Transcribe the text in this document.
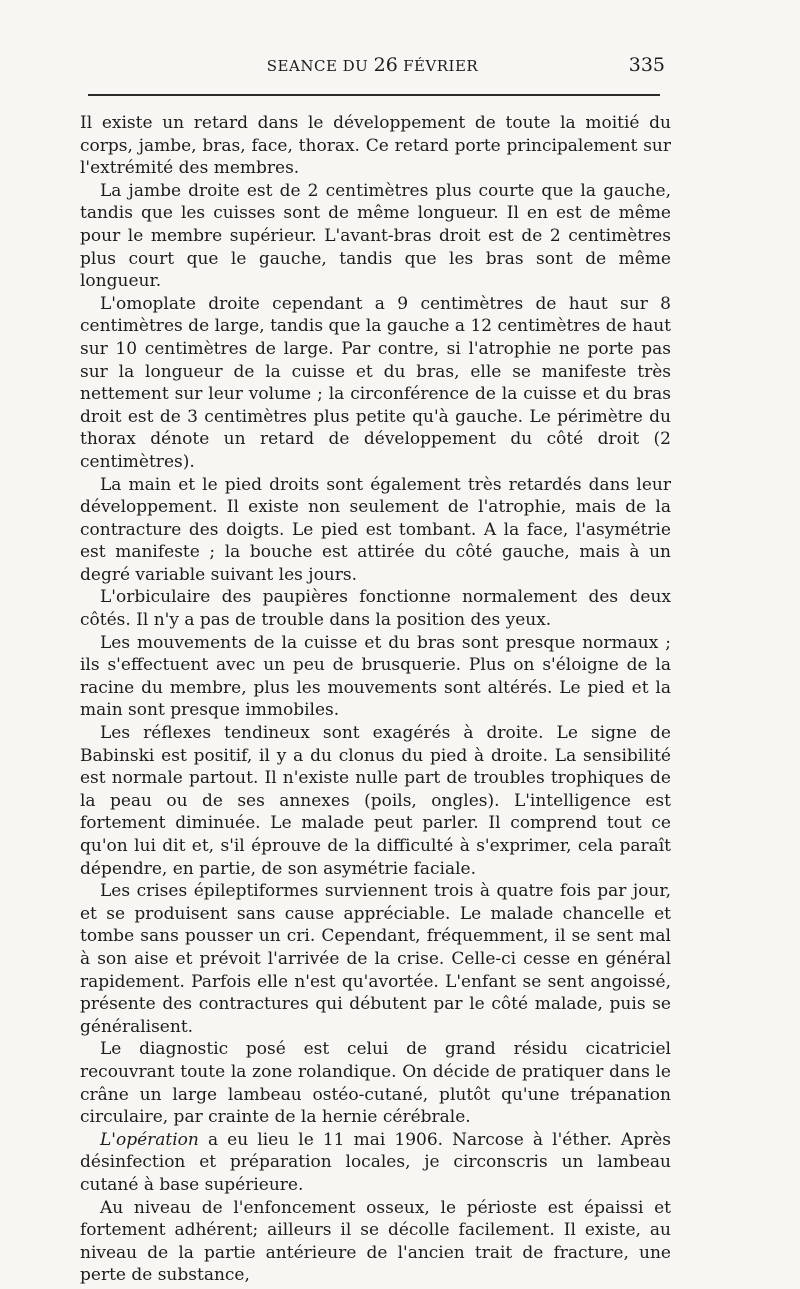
SEANCE DU 26 FÉVRIER	335

Il existe un retard dans le développement de toute la moitié du corps, jambe, bras, face, thorax. Ce retard porte principalement sur l'extrémité des membres.

La jambe droite est de 2 centimètres plus courte que la gauche, tandis que les cuisses sont de même longueur. Il en est de même pour le membre supérieur. L'avant-bras droit est de 2 centimètres plus court que le gauche, tandis que les bras sont de même longueur.

L'omoplate droite cependant a 9 centimètres de haut sur 8 centimètres de large, tandis que la gauche a 12 centimètres de haut sur 10 centimètres de large. Par contre, si l'atrophie ne porte pas sur la longueur de la cuisse et du bras, elle se manifeste très nettement sur leur volume ; la circonférence de la cuisse et du bras droit est de 3 centimètres plus petite qu'à gauche. Le périmètre du thorax dénote un retard de développement du côté droit (2 centimètres).

La main et le pied droits sont également très retardés dans leur développement. Il existe non seulement de l'atrophie, mais de la contracture des doigts. Le pied est tombant. A la face, l'asymétrie est manifeste ; la bouche est attirée du côté gauche, mais à un degré variable suivant les jours.

L'orbiculaire des paupières fonctionne normalement des deux côtés. Il n'y a pas de trouble dans la position des yeux.

Les mouvements de la cuisse et du bras sont presque normaux ; ils s'effectuent avec un peu de brusquerie. Plus on s'éloigne de la racine du membre, plus les mouvements sont altérés. Le pied et la main sont presque immobiles.

Les réflexes tendineux sont exagérés à droite. Le signe de Babinski est positif, il y a du clonus du pied à droite. La sensibilité est normale partout. Il n'existe nulle part de troubles trophiques de la peau ou de ses annexes (poils, ongles). L'intelligence est fortement diminuée. Le malade peut parler. Il comprend tout ce qu'on lui dit et, s'il éprouve de la difficulté à s'exprimer, cela paraît dépendre, en partie, de son asymétrie faciale.

Les crises épileptiformes surviennent trois à quatre fois par jour, et se produisent sans cause appréciable. Le malade chancelle et tombe sans pousser un cri. Cependant, fréquemment, il se sent mal à son aise et prévoit l'arrivée de la crise. Celle-ci cesse en général rapidement. Parfois elle n'est qu'avortée. L'enfant se sent angoissé, présente des contractures qui débutent par le côté malade, puis se généralisent.

Le diagnostic posé est celui de grand résidu cicatriciel recouvrant toute la zone rolandique. On décide de pratiquer dans le crâne un large lambeau ostéo-cutané, plutôt qu'une trépanation circulaire, par crainte de la hernie cérébrale.

L'opération a eu lieu le 11 mai 1906. Narcose à l'éther. Après désinfection et préparation locales, je circonscris un lambeau cutané à base supérieure.

Au niveau de l'enfoncement osseux, le périoste est épaissi et fortement adhérent; ailleurs il se décolle facilement. Il existe, au niveau de la partie antérieure de l'ancien trait de fracture, une perte de substance,
